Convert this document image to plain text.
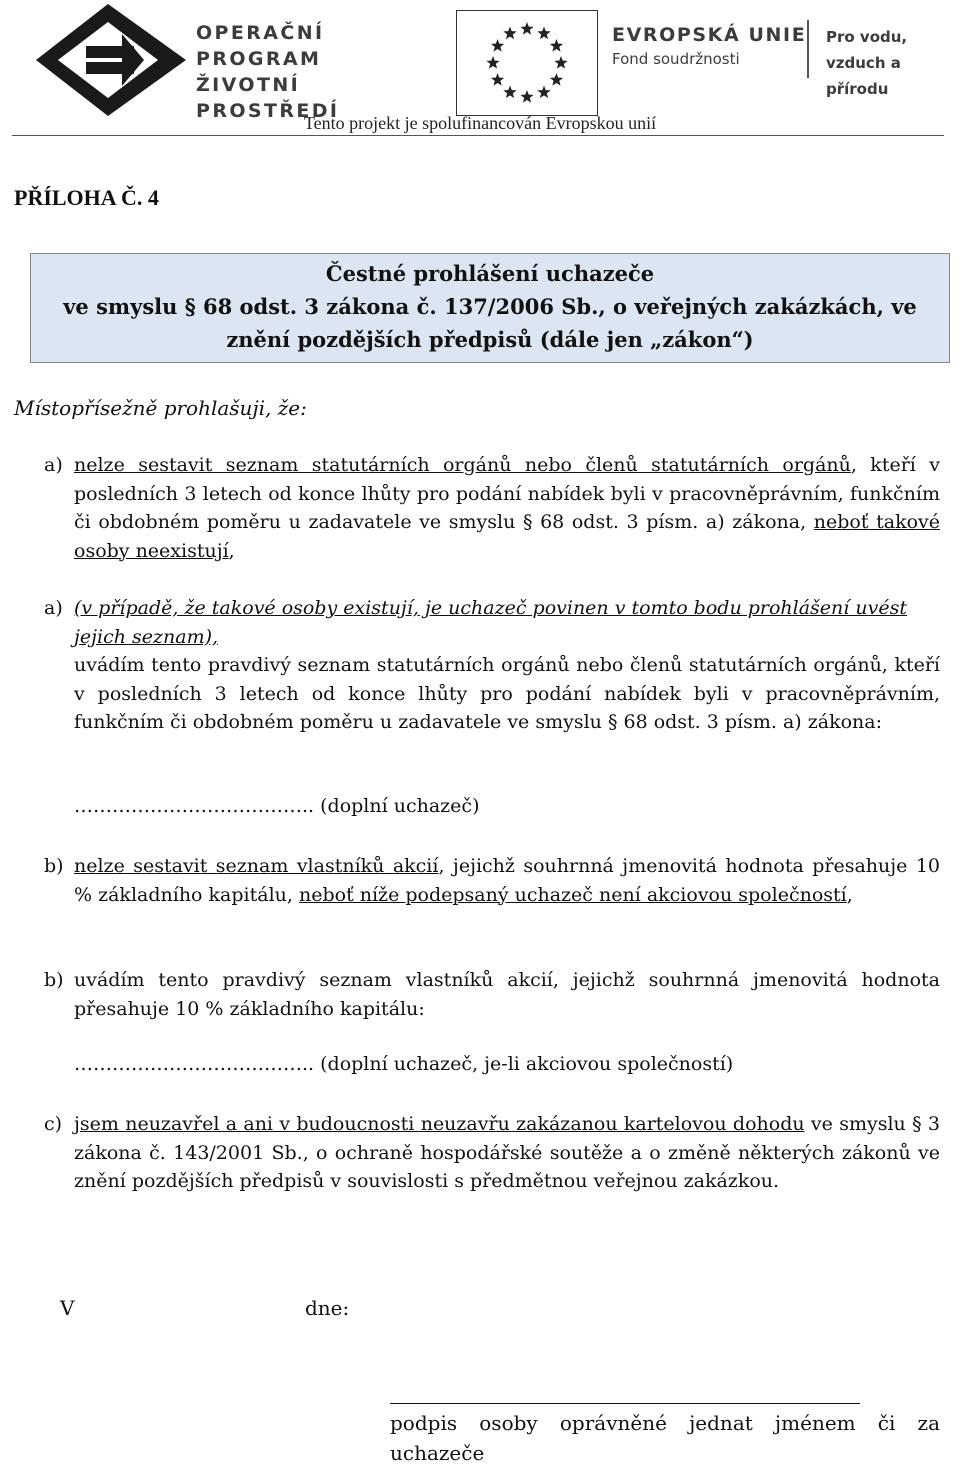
OPERAČNÍ PROGRAM
ŽIVOTNÍ PROSTŘEDÍ
EVROPSKÁ UNIE
Fond soudržnosti
Pro vodu,
vzduch a přírodu
Tento projekt je spolufinancován Evropskou unií
PŘÍLOHA Č. 4
Čestné prohlášení uchazeče
ve smyslu § 68 odst. 3 zákona č. 137/2006 Sb., o veřejných zakázkách, ve
znění pozdějších předpisů (dále jen „zákon“)
Místopřísežně prohlašuji, že:
a) nelze sestavit seznam statutárních orgánů nebo členů statutárních orgánů, kteří v posledních 3 letech od konce lhůty pro podání nabídek byli v pracovněprávním, funkčním či obdobném poměru u zadavatele ve smyslu § 68 odst. 3 písm. a) zákona, neboť takové osoby neexistují,
a) (v případě, že takové osoby existují, je uchazeč povinen v tomto bodu prohlášení uvést jejich seznam),
uvádím tento pravdivý seznam statutárních orgánů nebo členů statutárních orgánů, kteří v posledních 3 letech od konce lhůty pro podání nabídek byli v pracovněprávním, funkčním či obdobném poměru u zadavatele ve smyslu § 68 odst. 3 písm. a) zákona:
……………………………….. (doplní uchazeč)
b) nelze sestavit seznam vlastníků akcií, jejichž souhrnná jmenovitá hodnota přesahuje 10 % základního kapitálu, neboť níže podepsaný uchazeč není akciovou společností,
b) uvádím tento pravdivý seznam vlastníků akcií, jejichž souhrnná jmenovitá hodnota přesahuje 10 % základního kapitálu:
……………………………….. (doplní uchazeč, je-li akciovou společností)
c) jsem neuzavřel a ani v budoucnosti neuzavřu zakázanou kartelovou dohodu ve smyslu § 3 zákona č. 143/2001 Sb., o ochraně hospodářské soutěže a o změně některých zákonů ve znění pozdějších předpisů v souvislosti s předmětnou veřejnou zakázkou.
V	dne:
podpis osoby oprávněné jednat jménem či za uchazeče
